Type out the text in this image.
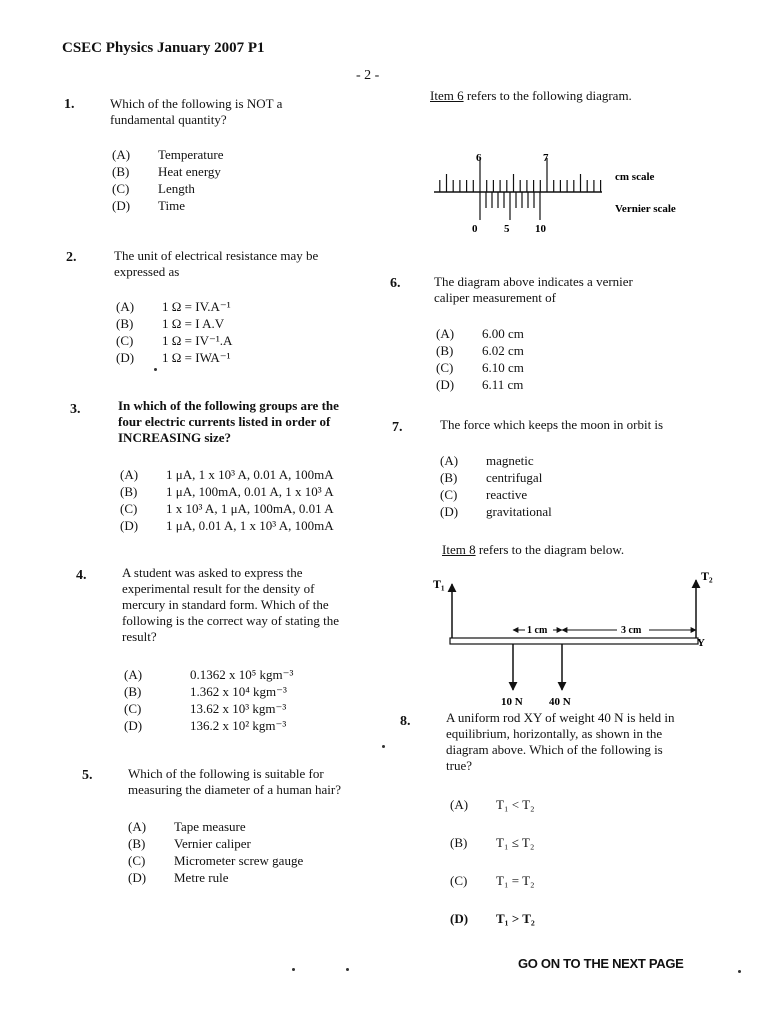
CSEC Physics January 2007 P1
- 2 -
1.	Which of the following is NOT a
fundamental quantity?
(A) Temperature
(B) Heat energy
(C) Length
(D) Time
2.	The unit of electrical resistance may be
expressed as
(A) 1 Ω = IV.A⁻¹
(B) 1 Ω = I A.V
(C) 1 Ω = IV⁻¹.A
(D) 1 Ω = IWA⁻¹
3.	In which of the following groups are the
four electric currents listed in order of
INCREASING size?
(A) 1 μA, 1 x 10³ A, 0.01 A, 100mA
(B) 1 μA, 100mA, 0.01 A, 1 x 10³ A
(C) 1 x 10³ A, 1 μA, 100mA, 0.01 A
(D) 1 μA, 0.01 A, 1 x 10³ A, 100mA
4.	A student was asked to express the
experimental result for the density of
mercury in standard form. Which of the
following is the correct way of stating the
result?
(A)	0.1362 x 10⁵ kgm⁻³
(B)	1.362 x 10⁴ kgm⁻³
(C)	13.62 x 10³ kgm⁻³
(D)	136.2 x 10² kgm⁻³
5.	Which of the following is suitable for
measuring the diameter of a human hair?
(A) Tape measure
(B) Vernier caliper
(C) Micrometer screw gauge
(D) Metre rule
Item 6 refers to the following diagram.
6	7
cm scale
Vernier scale
0 5 10
6.	The diagram above indicates a vernier
caliper measurement of
(A) 6.00 cm
(B) 6.02 cm
(C) 6.10 cm
(D) 6.11 cm
7.	The force which keeps the moon in orbit is
(A) magnetic
(B) centrifugal
(C) reactive
(D) gravitational
Item 8 refers to the diagram below.
T₁
T₂
Y
1 cm	3 cm
10 N 40 N
8.	A uniform rod XY of weight 40 N is held in
equilibrium, horizontally, as shown in the
diagram above. Which of the following is
true?
(A) T₁ < T₂
(B) T₁ ≤ T₂
(C) T₁ = T₂
(D) T₁ > T₂
GO ON TO THE NEXT PAGE
